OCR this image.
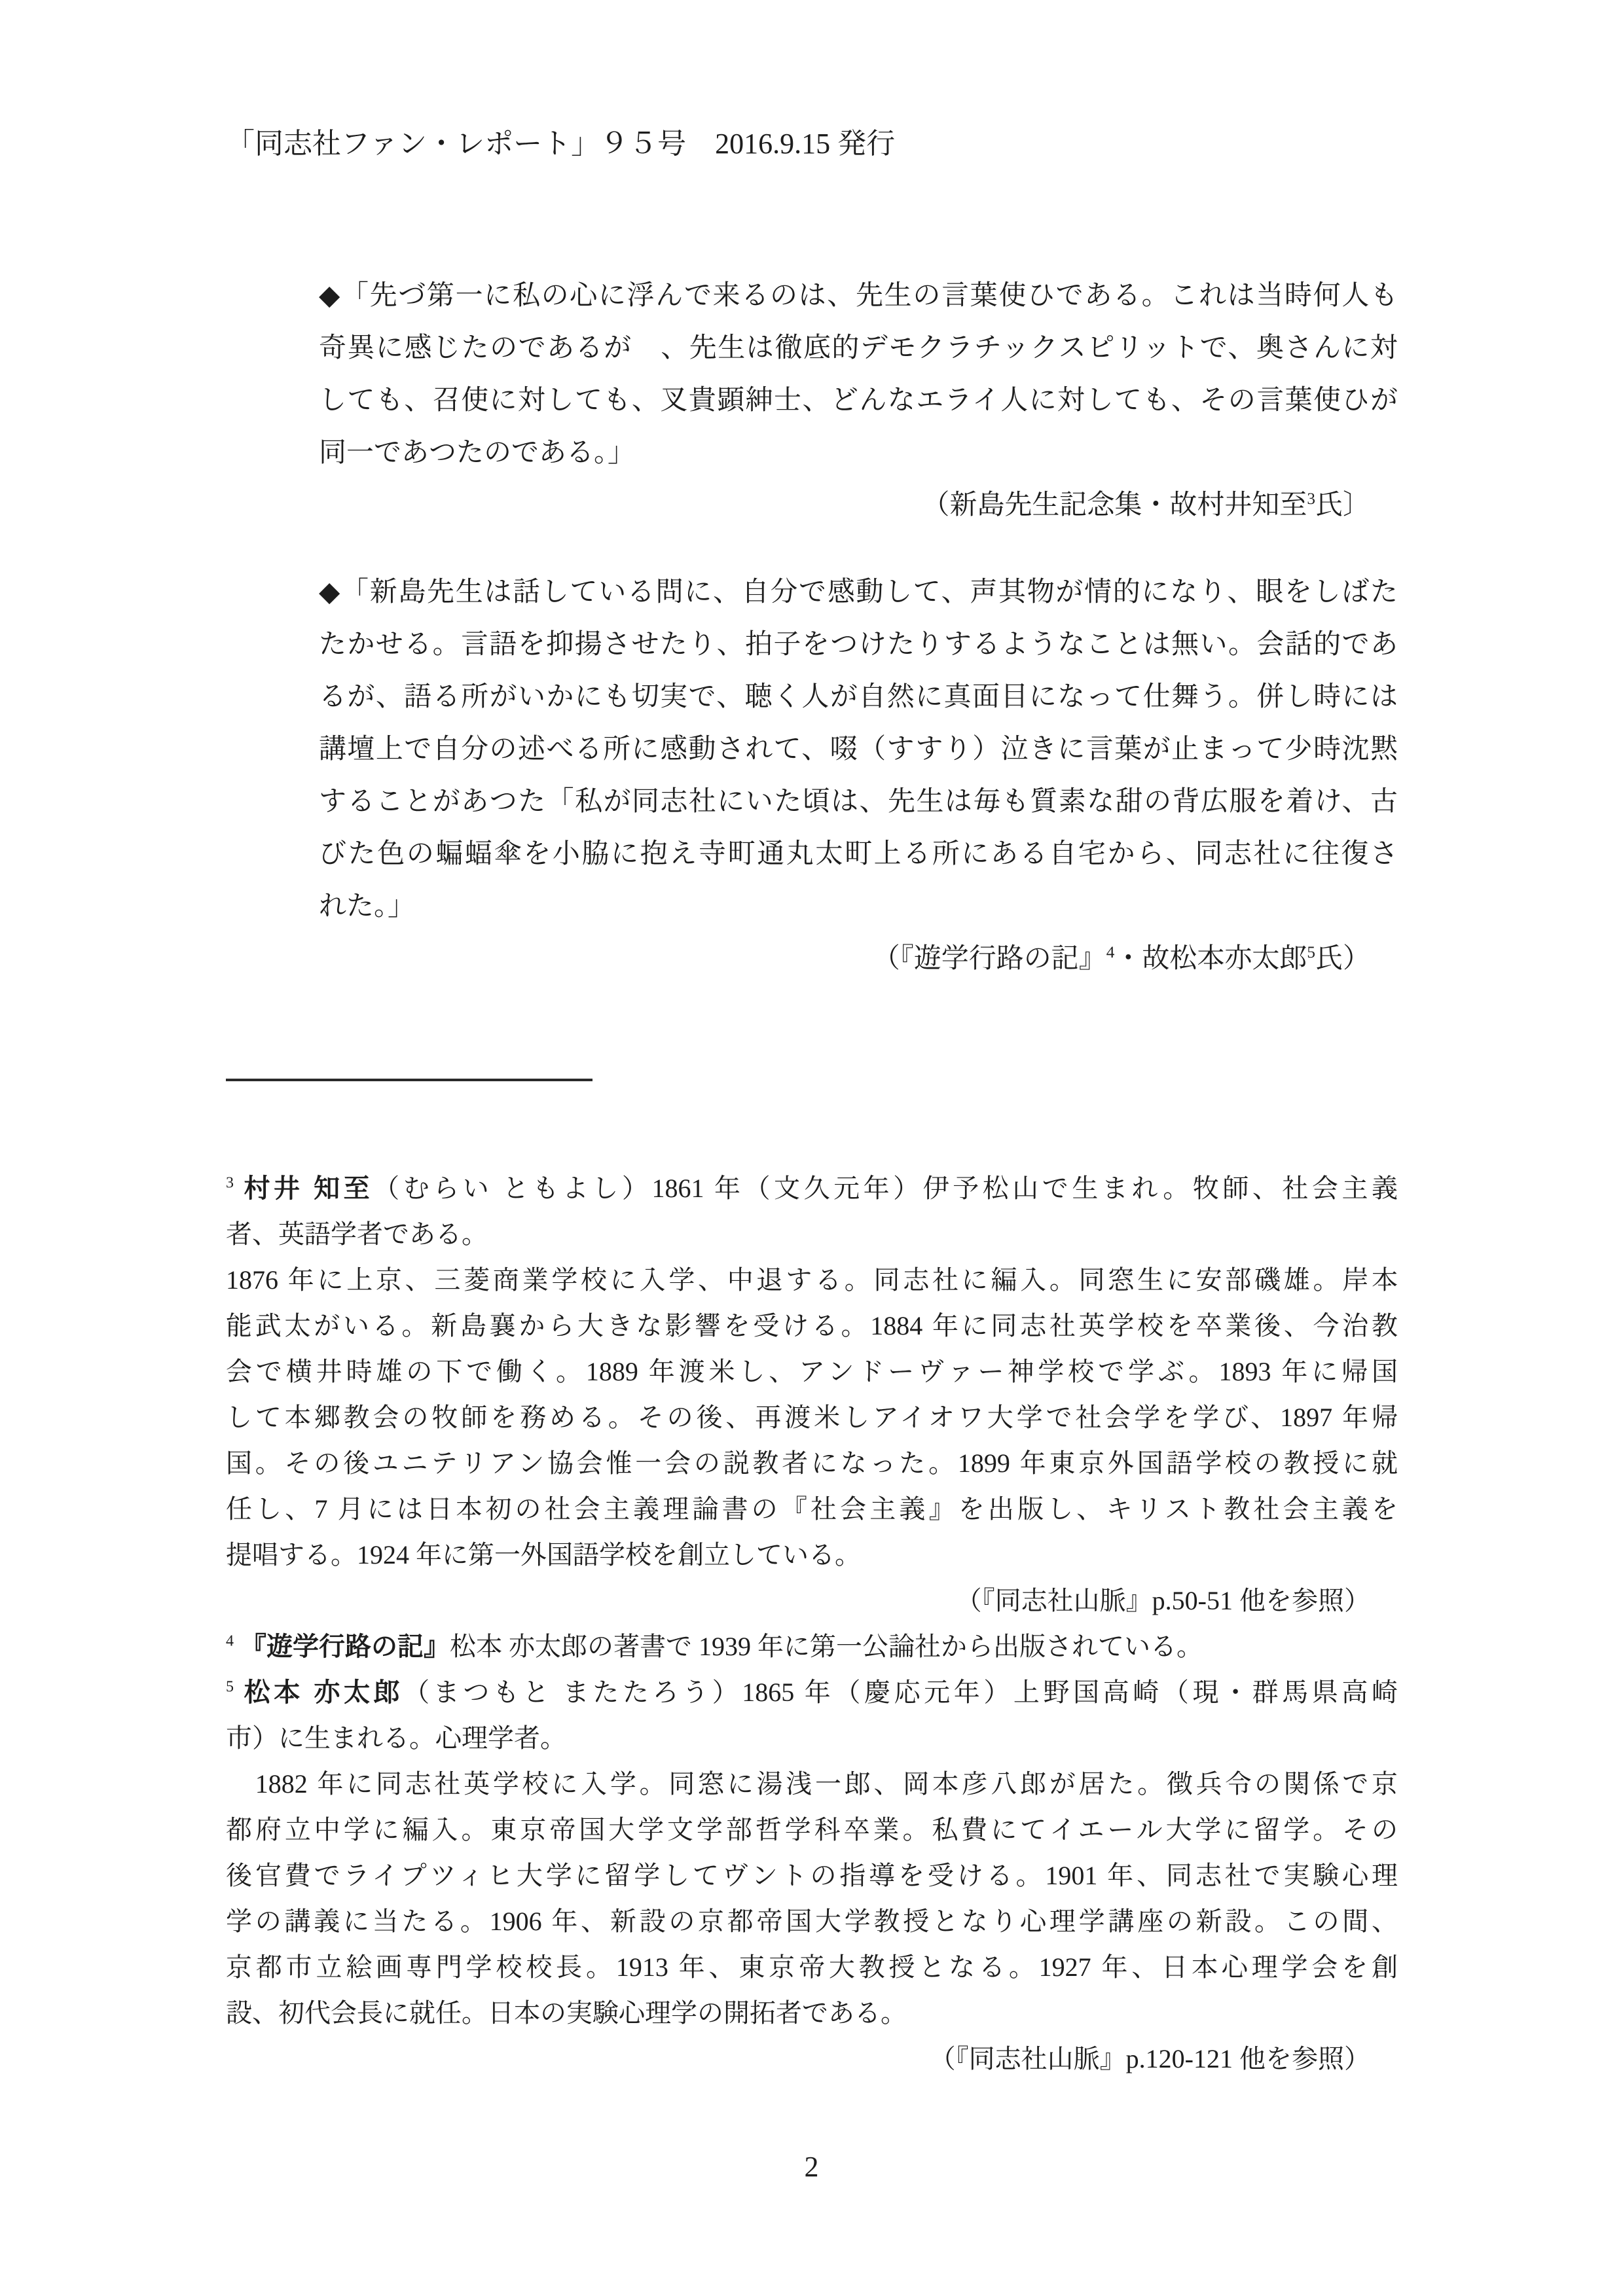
「同志社ファン・レポート」９５号　2016.9.15 発行
◆「先づ第一に私の心に浮んで来るのは、先生の言葉使ひである。これは当時何人も
奇異に感じたのであるが　、先生は徹底的デモクラチックスピリットで、奥さんに対
しても、召使に対しても、叉貴顕紳士、どんなエライ人に対しても、その言葉使ひが
同一であつたのである。」
（新島先生記念集・故村井知至$^3$氏〕
◆「新島先生は話している問に、自分で感動して、声其物が情的になり、眼をしばた
たかせる。言語を抑揚させたり、拍子をつけたりするようなことは無い。会話的であ
るが、語る所がいかにも切実で、聴く人が自然に真面目になって仕舞う。併し時には
講壇上で自分の述べる所に感動されて、啜（すすり）泣きに言葉が止まって少時沈黙
することがあつた「私が同志社にいた頃は、先生は毎も質素な甜の背広服を着け、古
びた色の蝙蝠傘を小脇に抱え寺町通丸太町上る所にある自宅から、同志社に往復さ
れた。」
（『遊学行路の記』$^4$・故松本亦太郎$^5$氏）
$^3$ 村井 知至（むらい ともよし）1861 年（文久元年）伊予松山で生まれ。牧師、社会主義
者、英語学者である。
1876 年に上京、三菱商業学校に入学、中退する。同志社に編入。同窓生に安部磯雄。岸本
能武太がいる。新島襄から大きな影響を受ける。1884 年に同志社英学校を卒業後、今治教
会で横井時雄の下で働く。1889 年渡米し、アンドーヴァー神学校で学ぶ。1893 年に帰国
して本郷教会の牧師を務める。その後、再渡米しアイオワ大学で社会学を学び、1897 年帰
国。その後ユニテリアン協会惟一会の説教者になった。1899 年東京外国語学校の教授に就
任し、7 月には日本初の社会主義理論書の『社会主義』を出版し、キリスト教社会主義を
提唱する。1924 年に第一外国語学校を創立している。
（『同志社山脈』p.50-51 他を参照）
$^4$ 『遊学行路の記』松本 亦太郎の著書で 1939 年に第一公論社から出版されている。
$^5$ 松本 亦太郎（まつもと またたろう）1865 年（慶応元年）上野国高崎（現・群馬県高崎
市）に生まれる。心理学者。
　1882 年に同志社英学校に入学。同窓に湯浅一郎、岡本彦八郎が居た。徴兵令の関係で京
都府立中学に編入。東京帝国大学文学部哲学科卒業。私費にてイエール大学に留学。その
後官費でライプツィヒ大学に留学してヴントの指導を受ける。1901 年、同志社で実験心理
学の講義に当たる。1906 年、新設の京都帝国大学教授となり心理学講座の新設。この間、
京都市立絵画専門学校校長。1913 年、東京帝大教授となる。1927 年、日本心理学会を創
設、初代会長に就任。日本の実験心理学の開拓者である。
（『同志社山脈』p.120-121 他を参照）
2
